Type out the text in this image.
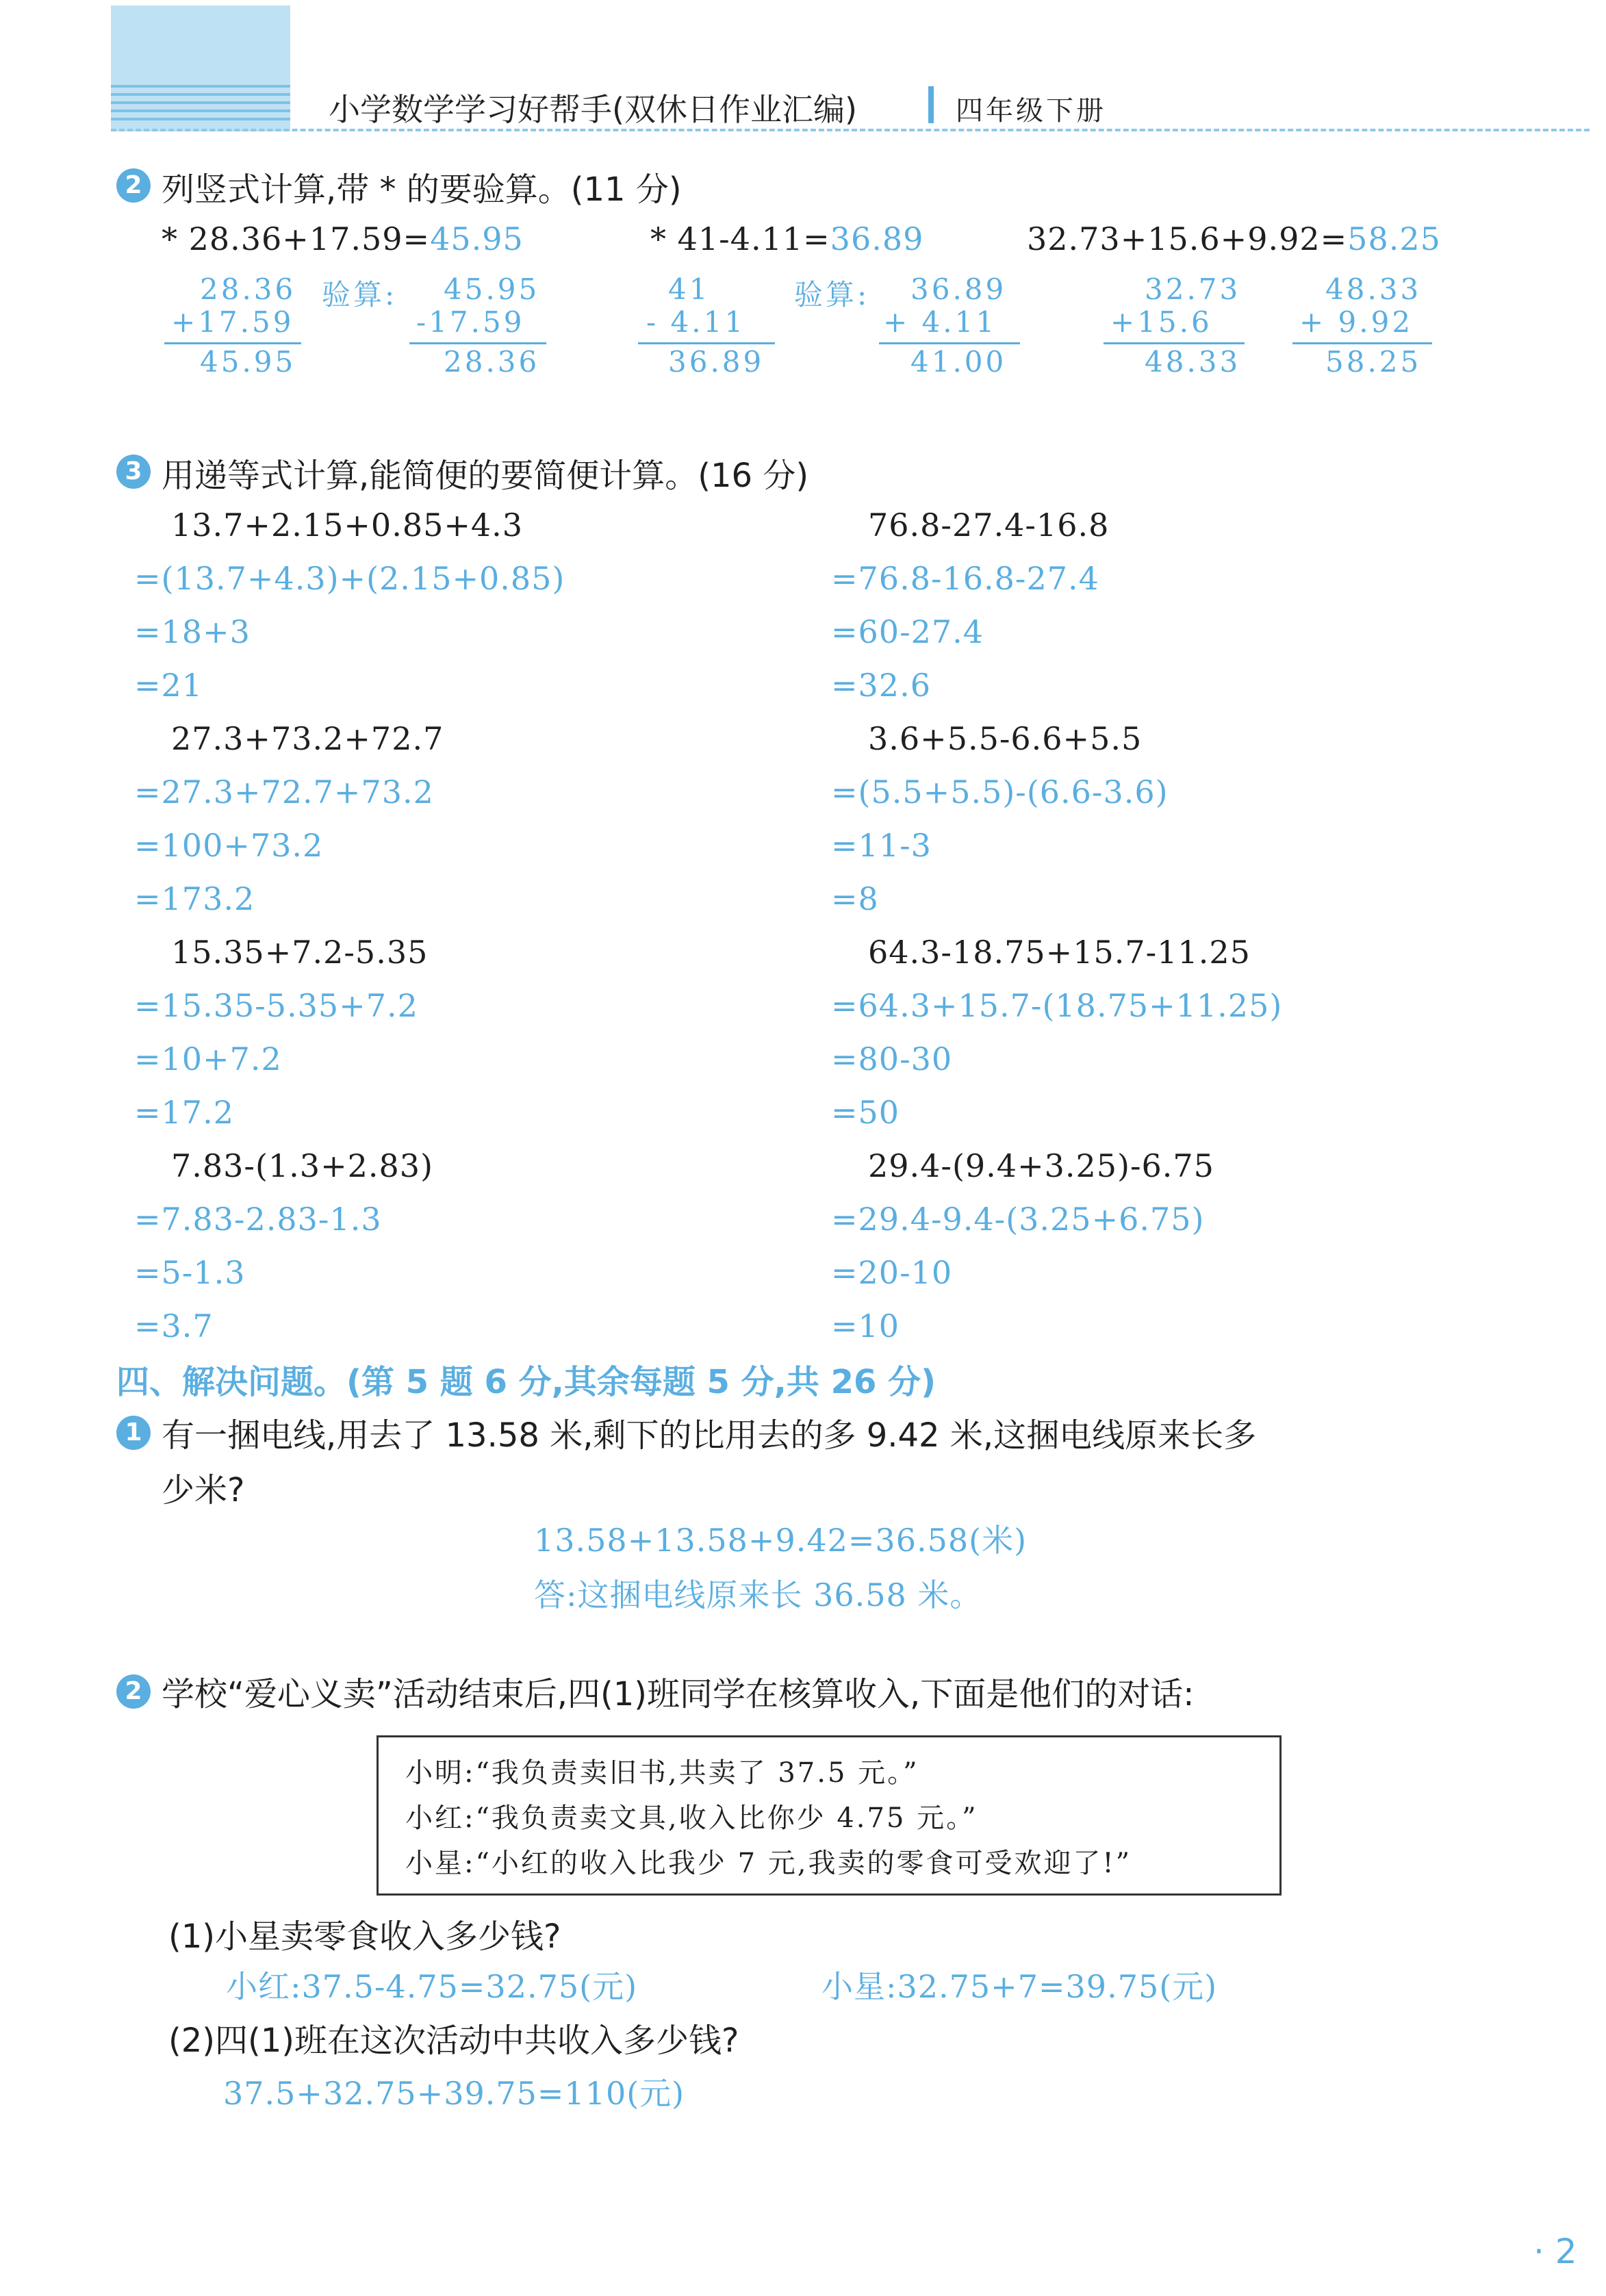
小学数学学习好帮手(双休日作业汇编)	四年级下册
2 列竖式计算,带 * 的要验算。(11 分)
* 28.36+17.59=45.95	* 41-4.11=36.89	32.73+15.6+9.92=58.25
28.36
+17.59
45.95
验算: 45.95
-17.59
28.36
41
- 4.11
36.89
验算: 36.89
+ 4.11
41.00
32.73
+15.6
48.33
48.33
+ 9.92
58.25
3 用递等式计算,能简便的要简便计算。(16 分)
13.7+2.15+0.85+4.3
=(13.7+4.3)+(2.15+0.85)
=18+3
=21
27.3+73.2+72.7
=27.3+72.7+73.2
=100+73.2
=173.2
15.35+7.2-5.35
=15.35-5.35+7.2
=10+7.2
=17.2
7.83-(1.3+2.83)
=7.83-2.83-1.3
=5-1.3
=3.7
76.8-27.4-16.8
=76.8-16.8-27.4
=60-27.4
=32.6
3.6+5.5-6.6+5.5
=(5.5+5.5)-(6.6-3.6)
=11-3
=8
64.3-18.75+15.7-11.25
=64.3+15.7-(18.75+11.25)
=80-30
=50
29.4-(9.4+3.25)-6.75
=29.4-9.4-(3.25+6.75)
=20-10
=10
四、解决问题。(第 5 题 6 分,其余每题 5 分,共 26 分)
1 有一捆电线,用去了 13.58 米,剩下的比用去的多 9.42 米,这捆电线原来长多
少米?
13.58+13.58+9.42=36.58(米)
答:这捆电线原来长 36.58 米。
2 学校“爱心义卖”活动结束后,四(1)班同学在核算收入,下面是他们的对话:
小明:“我负责卖旧书,共卖了 37.5 元。”
小红:“我负责卖文具,收入比你少 4.75 元。”
小星:“小红的收入比我少 7 元,我卖的零食可受欢迎了!”
(1)小星卖零食收入多少钱?
小红:37.5-4.75=32.75(元)	小星:32.75+7=39.75(元)
(2)四(1)班在这次活动中共收入多少钱?
37.5+32.75+39.75=110(元)
· 2
